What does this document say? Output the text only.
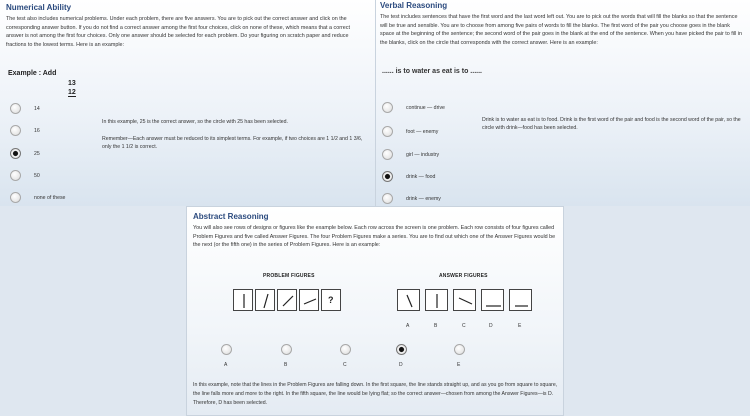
Numerical Ability
The test also includes numerical problems. Under each problem, there are five answers. You are to pick out the correct answer and click on the corresponding answer button. If you do not find a correct answer among the first four choices, click on none of these, which means that a correct answer is not among the first four choices. Only one answer should be selected for each problem. Do your figuring on scratch paper and reduce fractions to the lowest terms. Here is an example:
Example : Add
13
12
14
16
25
50
none of these
In this example, 25 is the correct answer, so the circle with 25 has been selected.
Remember—Each answer must be reduced to its simplest terms. For example, if two choices are 1 1/2 and 1 3/6, only the 1 1/2 is correct.
Verbal Reasoning
The test includes sentences that have the first word and the last word left out. You are to pick out the words that will fill the blanks so that the sentence will be true and sensible. You are to choose from among five pairs of words to fill the blanks. The first word of the pair you choose goes in the blank space at the beginning of the sentence; the second word of the pair goes in the blank at the end of the sentence. When you have picked the pair to fill in the blanks, click on the circle that corresponds with the correct answer. Here is an example:
...... is to water as eat is to ......
continue — drive
foot — enemy
girl — industry
drink — food
drink — enemy
Drink is to water as eat is to food. Drink is the first word of the pair and food is the second word of the pair, so the circle with drink—food has been selected.
Abstract Reasoning
You will also see rows of designs or figures like the example below. Each row across the screen is one problem. Each row consists of four figures called Problem Figures and five called Answer Figures. The four Problem Figures make a series. You are to find out which one of the Answer Figures would be the next (or the fifth one) in the series of Problem Figures. Here is an example:
PROBLEM FIGURES	ANSWER FIGURES
?
A	B	C	D	E
A	B	C	D	E
In this example, note that the lines in the Problem Figures are falling down. In the first square, the line stands straight up, and as you go from square to square, the line falls more and more to the right. In the fifth square, the line would be lying flat; so the correct answer—chosen from among the Answer Figures—is D. Therefore, D has been selected.
